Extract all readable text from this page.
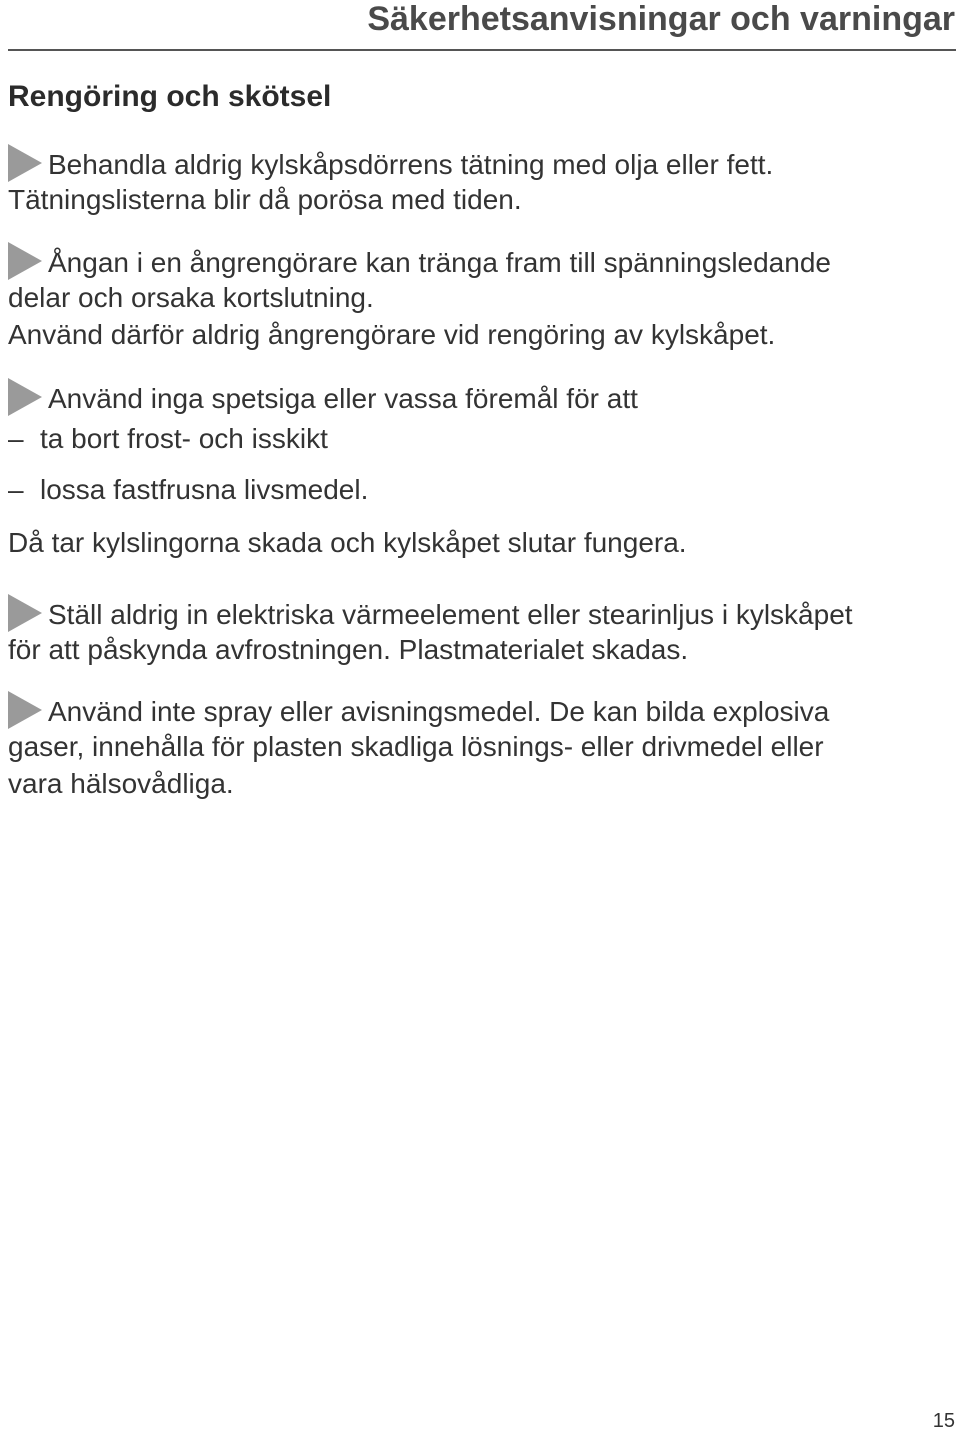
Säkerhetsanvisningar och varningar
Rengöring och skötsel
Behandla aldrig kylskåpsdörrens tätning med olja eller fett.
Tätningslisterna blir då porösa med tiden.
Ångan i en ångrengörare kan tränga fram till spänningsledande
delar och orsaka kortslutning.
Använd därför aldrig ångrengörare vid rengöring av kylskåpet.
Använd inga spetsiga eller vassa föremål för att
– ta bort frost- och isskikt
– lossa fastfrusna livsmedel.
Då tar kylslingorna skada och kylskåpet slutar fungera.
Ställ aldrig in elektriska värmeelement eller stearinljus i kylskåpet
för att påskynda avfrostningen. Plastmaterialet skadas.
Använd inte spray eller avisningsmedel. De kan bilda explosiva
gaser, innehålla för plasten skadliga lösnings- eller drivmedel eller
vara hälsovådliga.
15
